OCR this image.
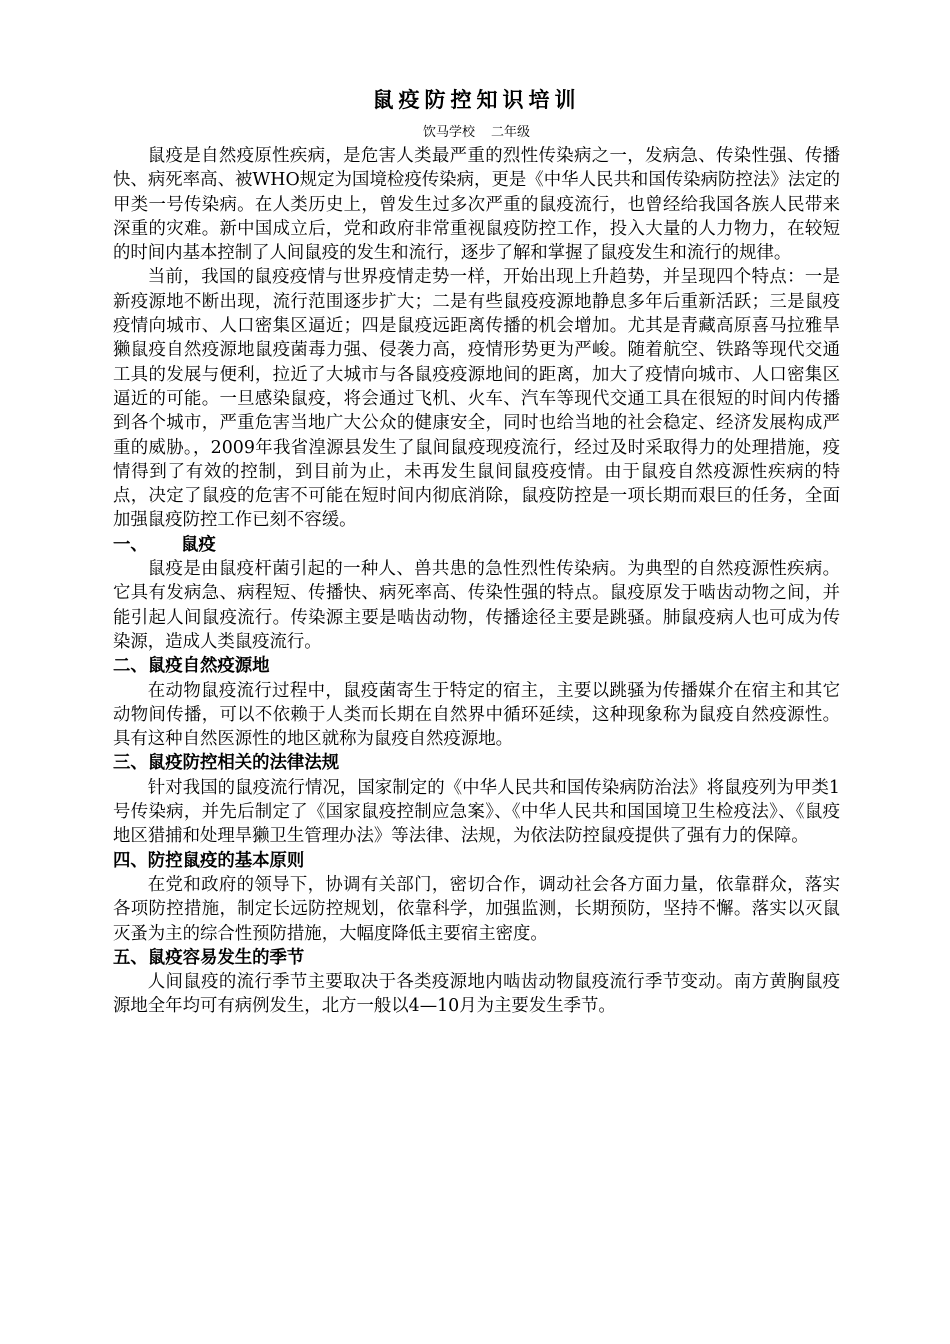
鼠疫防控知识培训

饮马学校 二年级

鼠疫是自然疫原性疾病，是危害人类最严重的烈性传染病之一，发病急、传染性强、传播快、病死率高、被WHO规定为国境检疫传染病，更是《中华人民共和国传染病防控法》法定的甲类一号传染病。在人类历史上，曾发生过多次严重的鼠疫流行，也曾经给我国各族人民带来深重的灾难。新中国成立后，党和政府非常重视鼠疫防控工作，投入大量的人力物力，在较短的时间内基本控制了人间鼠疫的发生和流行，逐步了解和掌握了鼠疫发生和流行的规律。

当前，我国的鼠疫疫情与世界疫情走势一样，开始出现上升趋势，并呈现四个特点：一是新疫源地不断出现，流行范围逐步扩大；二是有些鼠疫疫源地静息多年后重新活跃；三是鼠疫疫情向城市、人口密集区逼近；四是鼠疫远距离传播的机会增加。尤其是青藏高原喜马拉雅旱獭鼠疫自然疫源地鼠疫菌毒力强、侵袭力高，疫情形势更为严峻。随着航空、铁路等现代交通工具的发展与便利，拉近了大城市与各鼠疫疫源地间的距离，加大了疫情向城市、人口密集区逼近的可能。一旦感染鼠疫，将会通过飞机、火车、汽车等现代交通工具在很短的时间内传播到各个城市，严重危害当地广大公众的健康安全，同时也给当地的社会稳定、经济发展构成严重的威胁。，2009年我省湟源县发生了鼠间鼠疫现疫流行，经过及时采取得力的处理措施，疫情得到了有效的控制，到目前为止，未再发生鼠间鼠疫疫情。由于鼠疫自然疫源性疾病的特点，决定了鼠疫的危害不可能在短时间内彻底消除，鼠疫防控是一项长期而艰巨的任务，全面加强鼠疫防控工作已刻不容缓。

一、 鼠疫

鼠疫是由鼠疫杆菌引起的一种人、兽共患的急性烈性传染病。为典型的自然疫源性疾病。它具有发病急、病程短、传播快、病死率高、传染性强的特点。鼠疫原发于啮齿动物之间，并能引起人间鼠疫流行。传染源主要是啮齿动物，传播途径主要是跳骚。肺鼠疫病人也可成为传染源，造成人类鼠疫流行。

二、鼠疫自然疫源地

在动物鼠疫流行过程中，鼠疫菌寄生于特定的宿主，主要以跳骚为传播媒介在宿主和其它动物间传播，可以不依赖于人类而长期在自然界中循环延续，这种现象称为鼠疫自然疫源性。具有这种自然医源性的地区就称为鼠疫自然疫源地。

三、鼠疫防控相关的法律法规

针对我国的鼠疫流行情况，国家制定的《中华人民共和国传染病防治法》将鼠疫列为甲类1号传染病，并先后制定了《国家鼠疫控制应急案》、《中华人民共和国国境卫生检疫法》、《鼠疫地区猎捕和处理旱獭卫生管理办法》等法律、法规，为依法防控鼠疫提供了强有力的保障。

四、防控鼠疫的基本原则

在党和政府的领导下，协调有关部门，密切合作，调动社会各方面力量，依靠群众，落实各项防控措施，制定长远防控规划，依靠科学，加强监测，长期预防，坚持不懈。落实以灭鼠灭蚤为主的综合性预防措施，大幅度降低主要宿主密度。

五、鼠疫容易发生的季节

人间鼠疫的流行季节主要取决于各类疫源地内啮齿动物鼠疫流行季节变动。南方黄胸鼠疫源地全年均可有病例发生，北方一般以4—10月为主要发生季节。
